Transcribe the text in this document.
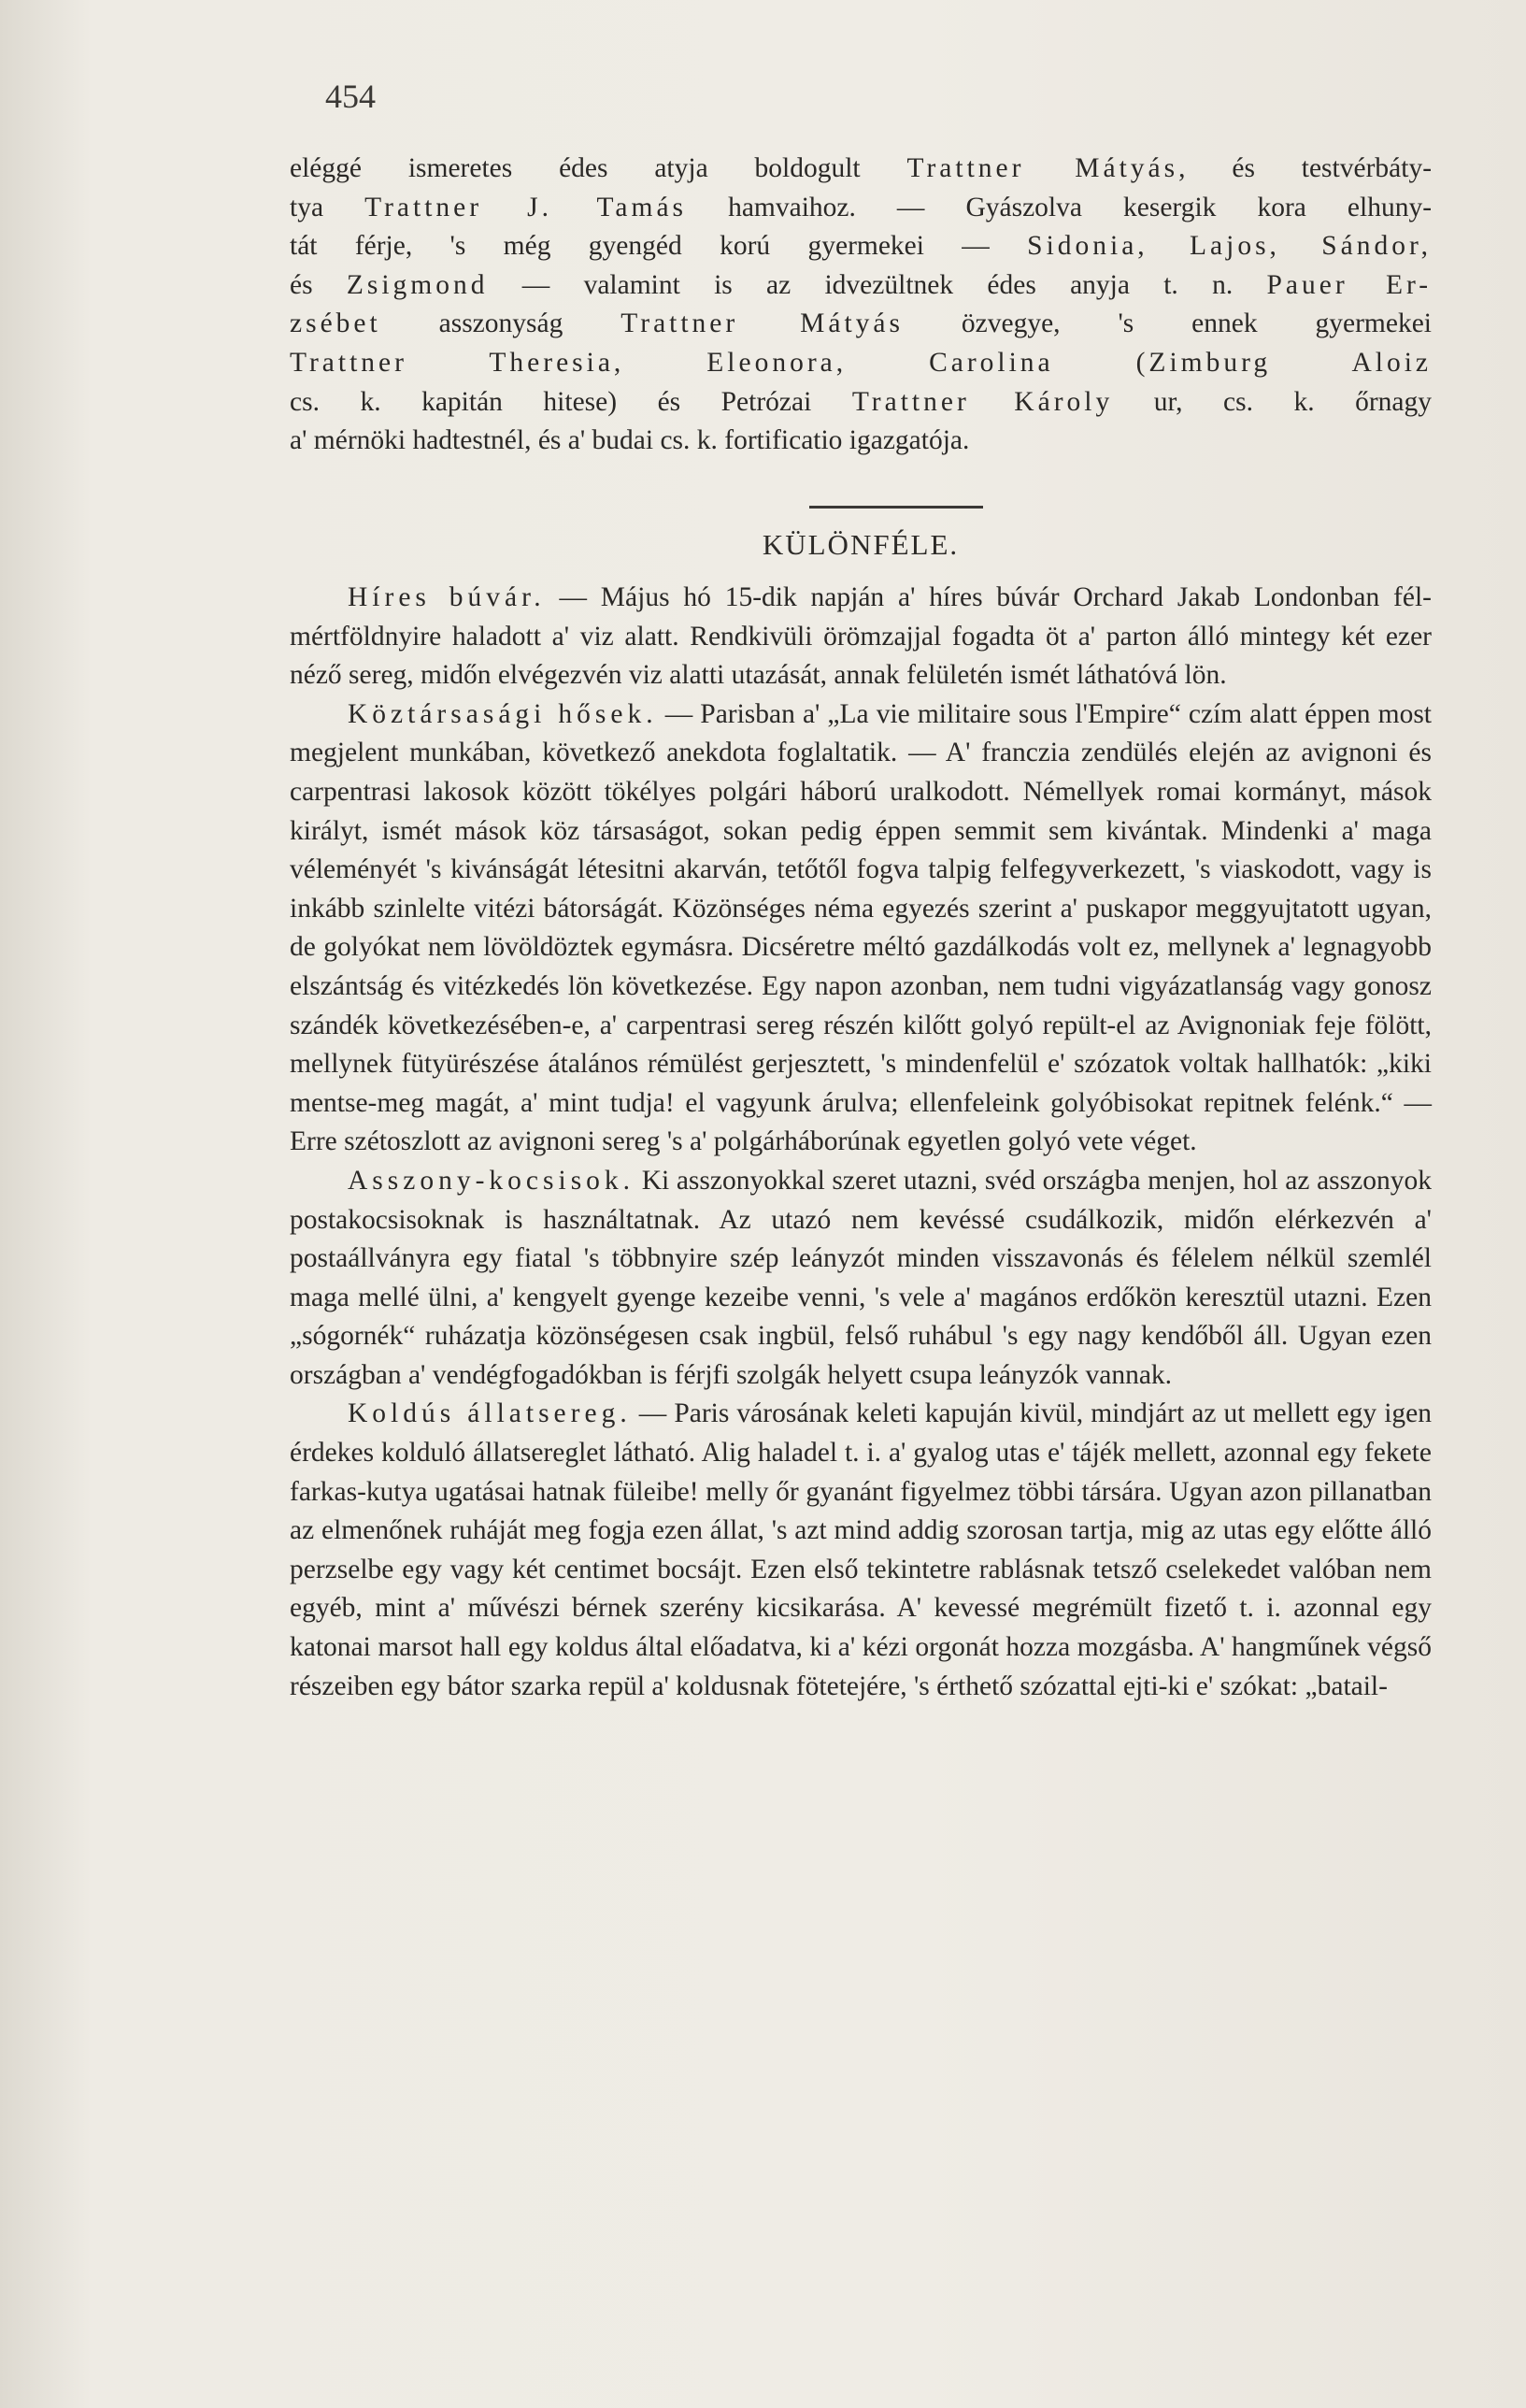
454

eléggé ismeretes édes atyja boldogult Trattner Mátyás, és testvérbáty-

tya Trattner J. Tamás hamvaihoz. — Gyászolva kesergik kora elhuny-

tát férje, 's még gyengéd korú gyermekei — Sidonia, Lajos, Sándor,

és Zsigmond — valamint is az idvezültnek édes anyja t. n. Pauer Er-

zsébet asszonyság Trattner Mátyás özvegye, 's ennek gyermekei

Trattner Theresia, Eleonora, Carolina (Zimburg Aloiz

cs. k. kapitán hitese) és Petrózai Trattner Károly ur, cs. k. őrnagy

a' mérnöki hadtestnél, és a' budai cs. k. fortificatio igazgatója.

KÜLÖNFÉLE.

Híres búvár. — Május hó 15-dik napján a' híres búvár Orchard Jakab Londonban fél-mértföldnyire haladott a' viz alatt. Rendkivüli örömzajjal fogadta öt a' parton álló mintegy két ezer néző sereg, midőn elvégezvén viz alatti utazását, annak felületén ismét láthatóvá lön.

Köztársasági hősek. — Parisban a' „La vie militaire sous l'Empire“ czím alatt éppen most megjelent munkában, következő anekdota foglaltatik. — A' franczia zendülés elején az avignoni és carpentrasi lakosok között tökélyes polgári háború uralkodott. Némellyek romai kormányt, mások királyt, ismét mások köz társaságot, sokan pedig éppen semmit sem kivántak. Mindenki a' maga véleményét 's kivánságát létesitni akarván, tetőtől fogva talpig felfegyverkezett, 's viaskodott, vagy is inkább szinlelte vitézi bátorságát. Közönséges néma egyezés szerint a' puskapor meggyujtatott ugyan, de golyókat nem lövöldöztek egymásra. Dicséretre méltó gazdálkodás volt ez, mellynek a' legnagyobb elszántság és vitézkedés lön következése. Egy napon azonban, nem tudni vigyázatlanság vagy gonosz szándék következésében-e, a' carpentrasi sereg részén kilőtt golyó repült-el az Avignoniak feje fölött, mellynek fütyürészése átalános rémülést gerjesztett, 's mindenfelül e' szózatok voltak hallhatók: „kiki mentse-meg magát, a' mint tudja! el vagyunk árulva; ellenfeleink golyóbisokat repitnek felénk.“ — Erre szétoszlott az avignoni sereg 's a' polgárháborúnak egyetlen golyó vete véget.

Asszony-kocsisok. Ki asszonyokkal szeret utazni, svéd országba menjen, hol az asszonyok postakocsisoknak is használtatnak. Az utazó nem kevéssé csudálkozik, midőn elérkezvén a' postaállványra egy fiatal 's többnyire szép leányzót minden visszavonás és félelem nélkül szemlél maga mellé ülni, a' kengyelt gyenge kezeibe venni, 's vele a' magános erdőkön keresztül utazni. Ezen „sógornék“ ruházatja közönségesen csak ingbül, felső ruhábul 's egy nagy kendőből áll. Ugyan ezen országban a' vendégfogadókban is férjfi szolgák helyett csupa leányzók vannak.

Koldús állatsereg. — Paris városának keleti kapuján kivül, mindjárt az ut mellett egy igen érdekes kolduló állatsereglet látható. Alig haladel t. i. a' gyalog utas e' tájék mellett, azonnal egy fekete farkas-kutya ugatásai hatnak füleibe! melly őr gyanánt figyelmez többi társára. Ugyan azon pillanatban az elmenőnek ruháját meg fogja ezen állat, 's azt mind addig szorosan tartja, mig az utas egy előtte álló perzselbe egy vagy két centimet bocsájt. Ezen első tekintetre rablásnak tetsző cselekedet valóban nem egyéb, mint a' művészi bérnek szerény kicsikarása. A' kevessé megrémült fizető t. i. azonnal egy katonai marsot hall egy koldus által előadatva, ki a' kézi orgonát hozza mozgásba. A' hangműnek végső részeiben egy bátor szarka repül a' koldusnak fötetejére, 's érthető szózattal ejti-ki e' szókat: „batail-
